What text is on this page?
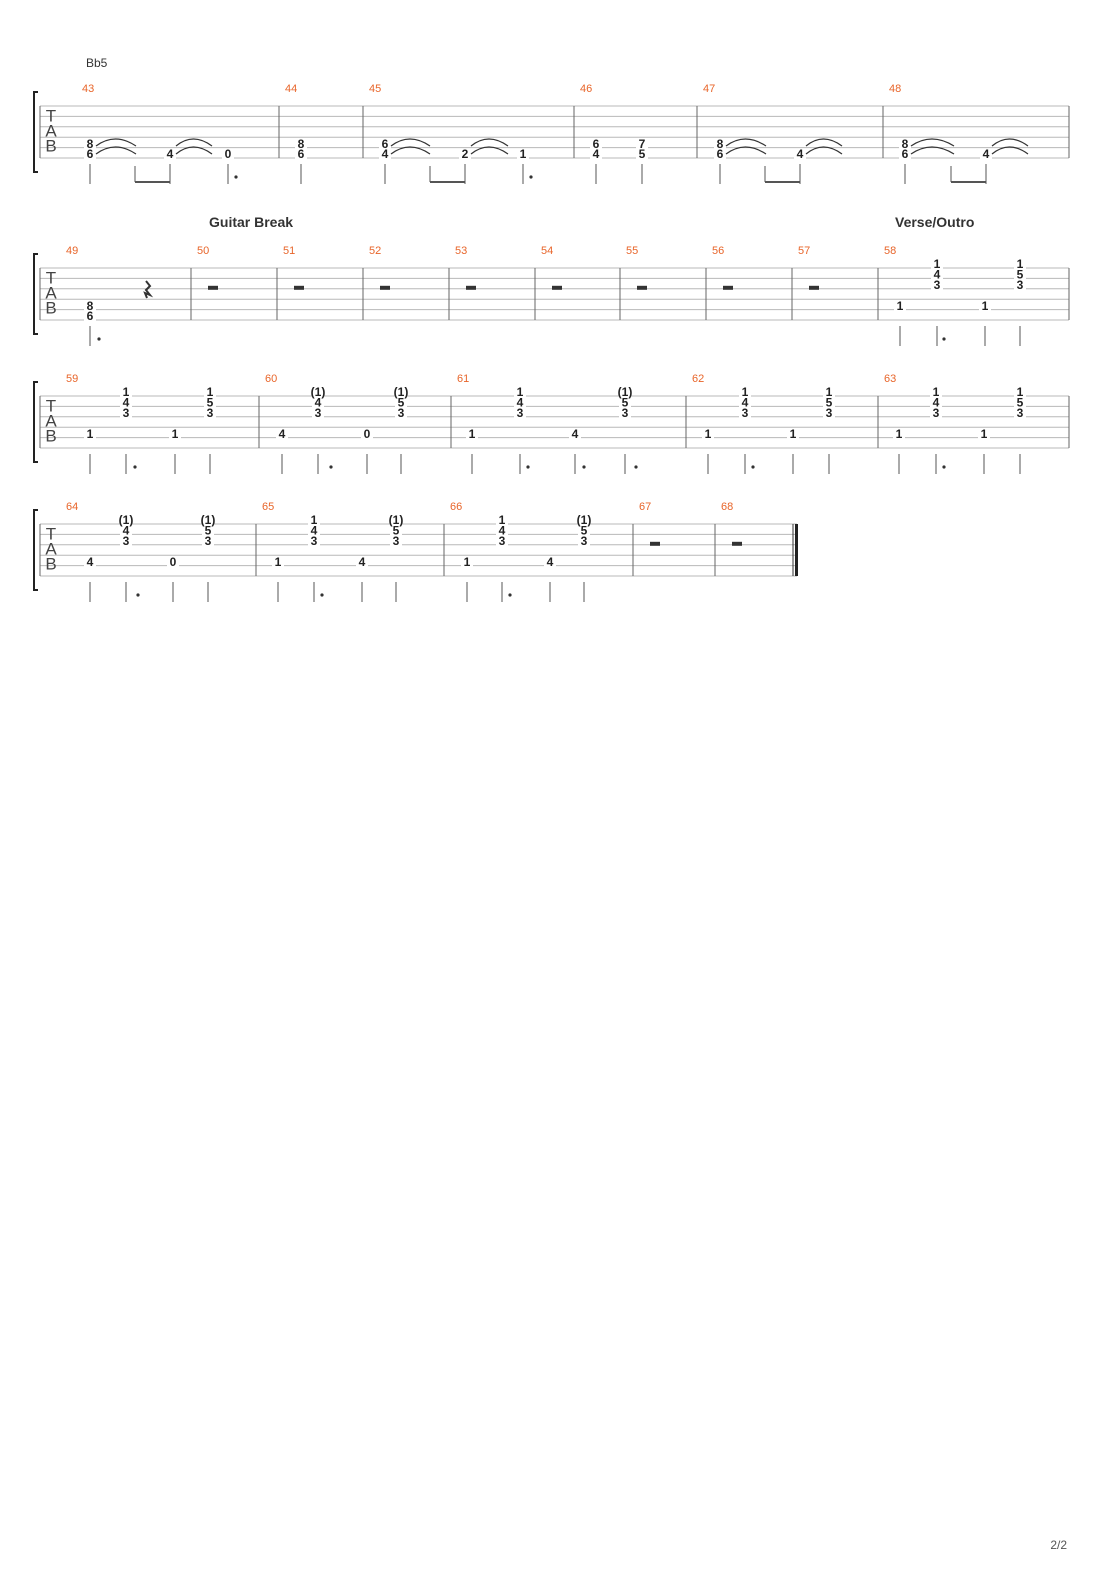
Bb5
Guitar Break	Verse/Outro
2/2
T
A
B
43
8
6	4	0
44
8
6
45
6
4	2	1
46
6
4
7
5
47
8
6	4
48
8
6	4
T
A
B
49
8
6
50	51	52	53	54	55	56	57	58
1
1
4
3
1
1
5
3
T
A
B
59
1
1
4
3
1
1
5
3
60
4
(1)
4
3
0
(1)
5
3
61
1
1
4
3
4
(1)
5
3
62
1
1
4
3
1
1
5
3
63
1
1
4
3
1
1
5
3
T
A
B
64
4
(1)
4
3
0
(1)
5
3
65
1
1
4
3
4
(1)
5
3
66
1
1
4
3
4
(1)
5
3
67	68
